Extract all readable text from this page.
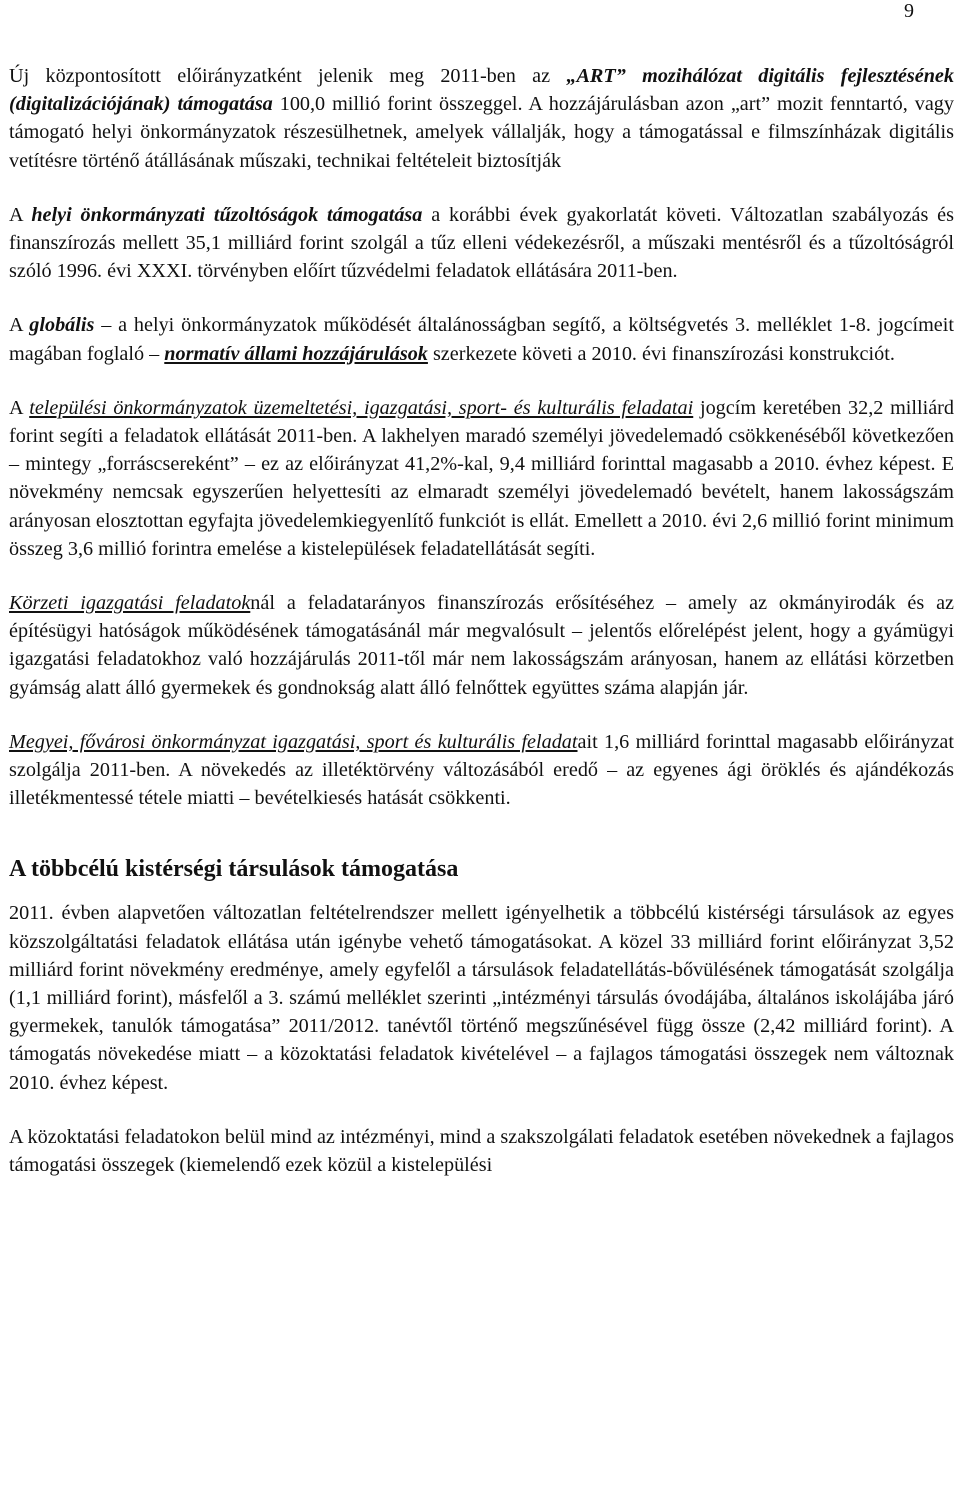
9

Új központosított előirányzatként jelenik meg 2011-ben az „ART” mozihálózat digitális fejlesztésének (digitalizációjának) támogatása 100,0 millió forint összeggel. A hozzájárulásban azon „art” mozit fenntartó, vagy támogató helyi önkormányzatok részesülhetnek, amelyek vállalják, hogy a támogatással e filmszínházak digitális vetítésre történő átállásának műszaki, technikai feltételeit biztosítják

A helyi önkormányzati tűzoltóságok támogatása a korábbi évek gyakorlatát követi. Változatlan szabályozás és finanszírozás mellett 35,1 milliárd forint szolgál a tűz elleni védekezésről, a műszaki mentésről és a tűzoltóságról szóló 1996. évi XXXI. törvényben előírt tűzvédelmi feladatok ellátására 2011-ben.

A globális – a helyi önkormányzatok működését általánosságban segítő, a költségvetés 3. melléklet 1-8. jogcímeit magában foglaló – normatív állami hozzájárulások szerkezete követi a 2010. évi finanszírozási konstrukciót.

A települési önkormányzatok üzemeltetési, igazgatási, sport- és kulturális feladatai jogcím keretében 32,2 milliárd forint segíti a feladatok ellátását 2011-ben. A lakhelyen maradó személyi jövedelemadó csökkenéséből következően – mintegy „forráscsereként” – ez az előirányzat 41,2%-kal, 9,4 milliárd forinttal magasabb a 2010. évhez képest. E növekmény nemcsak egyszerűen helyettesíti az elmaradt személyi jövedelemadó bevételt, hanem lakosságszám arányosan elosztottan egyfajta jövedelemkiegyenlítő funkciót is ellát. Emellett a 2010. évi 2,6 millió forint minimum összeg 3,6 millió forintra emelése a kistelepülések feladatellátását segíti.

Körzeti igazgatási feladatoknál a feladatarányos finanszírozás erősítéséhez – amely az okmányirodák és az építésügyi hatóságok működésének támogatásánál már megvalósult – jelentős előrelépést jelent, hogy a gyámügyi igazgatási feladatokhoz való hozzájárulás 2011-től már nem lakosságszám arányosan, hanem az ellátási körzetben gyámság alatt álló gyermekek és gondnokság alatt álló felnőttek együttes száma alapján jár.

Megyei, fővárosi önkormányzat igazgatási, sport és kulturális feladatait 1,6 milliárd forinttal magasabb előirányzat szolgálja 2011-ben. A növekedés az illetéktörvény változásából eredő – az egyenes ági öröklés és ajándékozás illetékmentessé tétele miatti – bevételkiesés hatását csökkenti.

A többcélú kistérségi társulások támogatása

2011. évben alapvetően változatlan feltételrendszer mellett igényelhetik a többcélú kistérségi társulások az egyes közszolgáltatási feladatok ellátása után igénybe vehető támogatásokat. A közel 33 milliárd forint előirányzat 3,52 milliárd forint növekmény eredménye, amely egyfelől a társulások feladatellátás-bővülésének támogatását szolgálja (1,1 milliárd forint), másfelől a 3. számú melléklet szerinti „intézményi társulás óvodájába, általános iskolájába járó gyermekek, tanulók támogatása” 2011/2012. tanévtől történő megszűnésével függ össze (2,42 milliárd forint). A támogatás növekedése miatt – a közoktatási feladatok kivételével – a fajlagos támogatási összegek nem változnak 2010. évhez képest.

A közoktatási feladatokon belül mind az intézményi, mind a szakszolgálati feladatok esetében növekednek a fajlagos támogatási összegek (kiemelendő ezek közül a kistelepülési
